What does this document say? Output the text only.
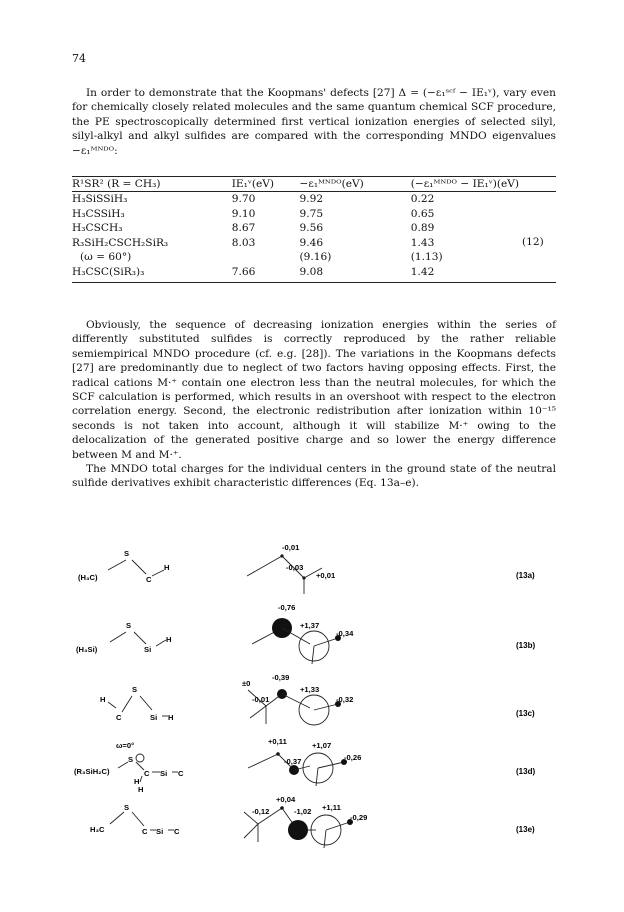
74

In order to demonstrate that the Koopmans' defects [27] Δ = (−ε₁ˢᶜᶠ − IE₁ᵛ), vary even for chemically closely related molecules and the same quantum chemical SCF procedure, the PE spectroscopically determined first vertical ionization energies of selected silyl, silyl-alkyl and alkyl sulfides are compared with the corresponding MNDO eigenvalues −ε₁ᴹᴺᴰᴼ:

R¹SR² (R = CH₃)	IE₁ᵛ(eV)	−ε₁ᴹᴺᴰᴼ(eV)	(−ε₁ᴹᴺᴰᴼ − IE₁ᵛ)(eV)
H₃SiSSiH₃	9.70	9.92	0.22
H₃CSSiH₃	9.10	9.75	0.65
H₃CSCH₃	8.67	9.56	0.89
R₃SiH₂CSCH₂SiR₃	8.03	9.46	1.43
(ω = 60°)		(9.16)	(1.13)
H₃CSC(SiR₃)₃	7.66	9.08	1.42
(12)

Obviously, the sequence of decreasing ionization energies within the series of differently substituted sulfides is correctly reproduced by the rather reliable semiempirical MNDO procedure (cf. e.g. [28]). The variations in the Koopmans defects [27] are predominantly due to neglect of two factors having opposing effects. First, the radical cations M·⁺ contain one electron less than the neutral molecules, for which the SCF calculation is performed, which results in an overshoot with respect to the electron correlation energy. Second, the electronic redistribution after ionization within 10⁻¹⁵ seconds is not taken into account, although it will stabilize M·⁺ owing to the delocalization of the generated positive charge and so lower the energy difference between M and M·⁺.

The MNDO total charges for the individual centers in the ground state of the neutral sulfide derivatives exhibit characteristic differences (Eq. 13a–e).

(H₃C)
S
C
H
-0,01
-0,03
+0,01	(13a)
(H₃Si)
S
Si
H
-0,76
+1,37
-0,34
(13b)
H
C
S
Si H
±0
-0,39
-0,01
+1,33
-0,32
(13c)
ω=0°
(R₃SiH₂C)
S
C
H
H
Si C
+0,11	+1,07
-0,37	-0,26
(13d)
H₃C
S
C Si C
+0,04
-0,12	-1,02 +1,11
-0,29
(13e)
